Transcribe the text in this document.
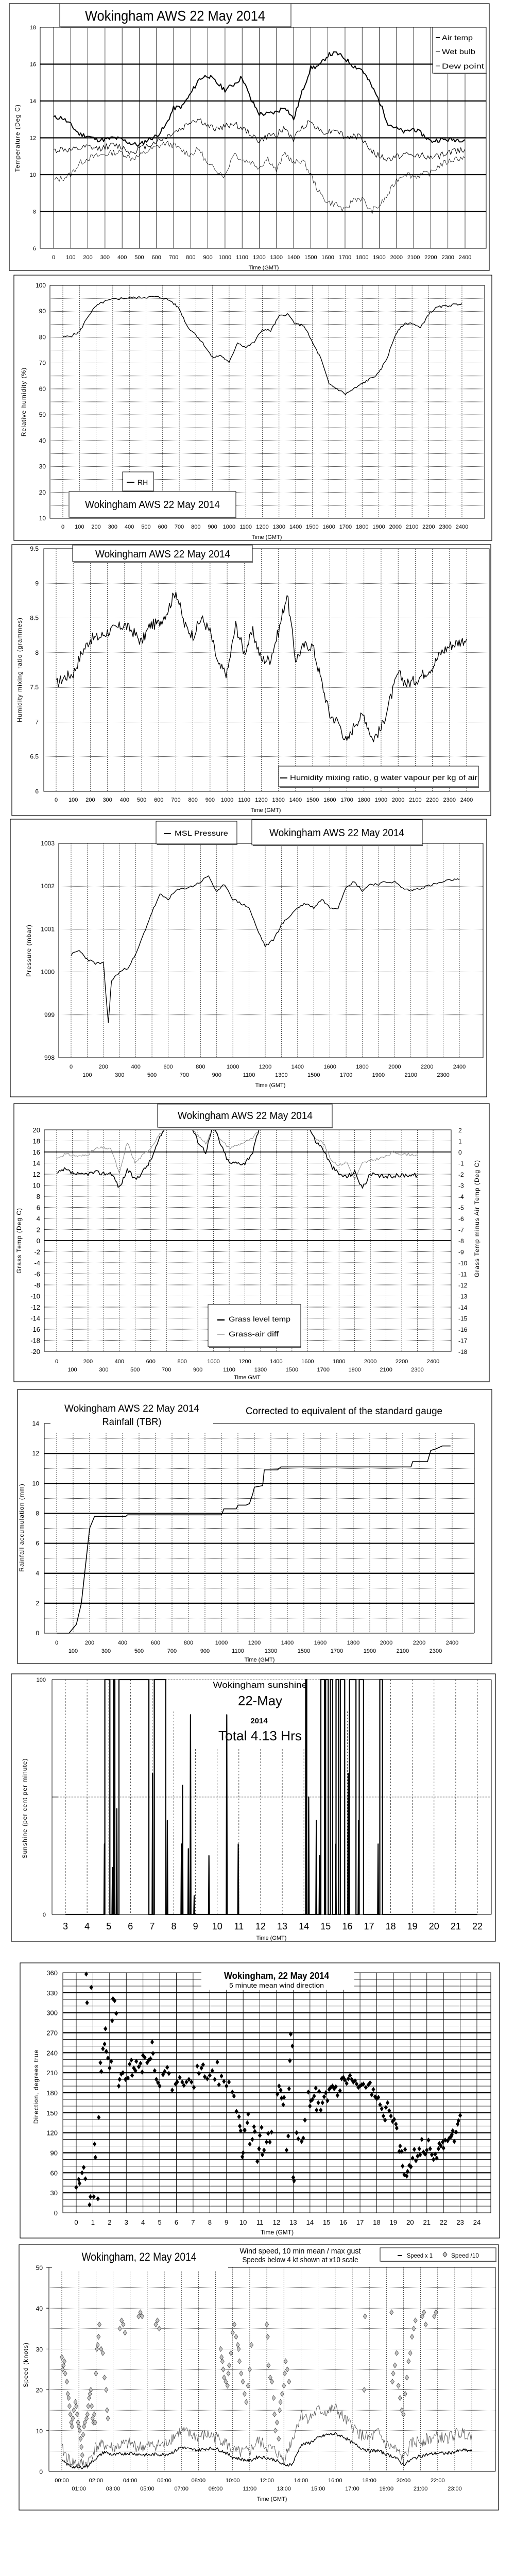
6
8
10
12
14
16
18
0 100 200 300 400 500 600 700 800 900 1000 1100 1200 1300 1400 1500 1600 1700 1800 1900 2000 2100 2200 2300 2400
Wokingham AWS 22 May 2014
Temperature (Deg C)
Time (GMT)
Air temp
Wet bulb
Dew point
10
20
30
40
50
60
70
80
90
100
0 100 200 300 400 500 600 700 800 900 1000 1100 1200 1300 1400 1500 1600 1700 1800 1900 2000 2100 2200 2300 2400
Relative humidity (%)
Time (GMT)
RH
Wokingham AWS 22 May 2014
6
6.5
7
7.5
8
8.5
9
9.5
0 100 200 300 400 500 600 700 800 900 1000 1100 1200 1300 1400 1500 1600 1700 1800 1900 2000 2100 2200 2300 2400
Wokingham AWS 22 May 2014
Humidity mixing ratio (grammes)
Time (GMT)
Humidity mixing ratio, g water vapour per kg of air
998
999
1000
1001
1002
1003
0
100
200
300
400
500
600
700
800
900
1000
1100
1200
1300
1400
1500
1600
1700
1800
1900
2000
2100
2200
2300
2400
MSL Pressure	Wokingham AWS 22 May 2014
Pressure (mbar)
Time (GMT)
-20
-18
-16
-14
-12
-10
-8
-6
-4
-2
0
2
4
6
8
10
12
14
16
18
20
-18
-17
-16
-15
-14
-13
-12
-11
-10
-9
-8
-7
-6
-5
-4
-3
-2
-1
0
1
2
0
100
200
300
400
500
600
700
800
900
1000
1100
1200
1300
1400
1500
1600
1700
1800
1900
2000
2100
2200
2300
2400
Wokingham AWS 22 May 2014
Grass Temp (Deg C)	Grass Temp minus Air Temp (Deg C)
Time GMT
Grass level temp
Grass-air diff
0
2
4
6
8
10
12
14
0
100
200
300
400
500
600
700
800
900
1000
1100
1200
1300
1400
1500
1600
1700
1800
1900
2000
2100
2200
2300
2400
Wokingham AWS 22 May 2014
Rainfall (TBR)
Corrected to equivalent of the standard gauge
Rainfall accumulation (mm)
Time (GMT)
0
100
3 4 5 6 7 8 9 10 11 12 13 14 15 16 17 18 19 20 21 22
Wokingham sunshine
22-May
2014
Total 4.13 Hrs
Sunshine (per cent per minute)
Time (GMT)
0
30
60
90
120
150
180
210
240
270
300
330
360
0 1 2 3 4 5 6 7 8 9 10 11 12 13 14 15 16 17 18 19 20 21 22 23 24
Wokingham, 22 May 2014
5 minute mean wind direction
Direction, degrees true
Time (GMT)
0
10
20
30
40
50
00:00
01:00
02:00
03:00
04:00
05:00
06:00
07:00
08:00
09:00
10:00
11:00
12:00
13:00
14:00
15:00
16:00
17:00
18:00
19:00
20:00
21:00
22:00
23:00
Wokingham, 22 May 2014	Wind speed, 10 min mean / max gust
Speeds below 4 kt shown at x10 scale	Speed x 1	Speed /10
Speed (knots)
Time (GMT)
